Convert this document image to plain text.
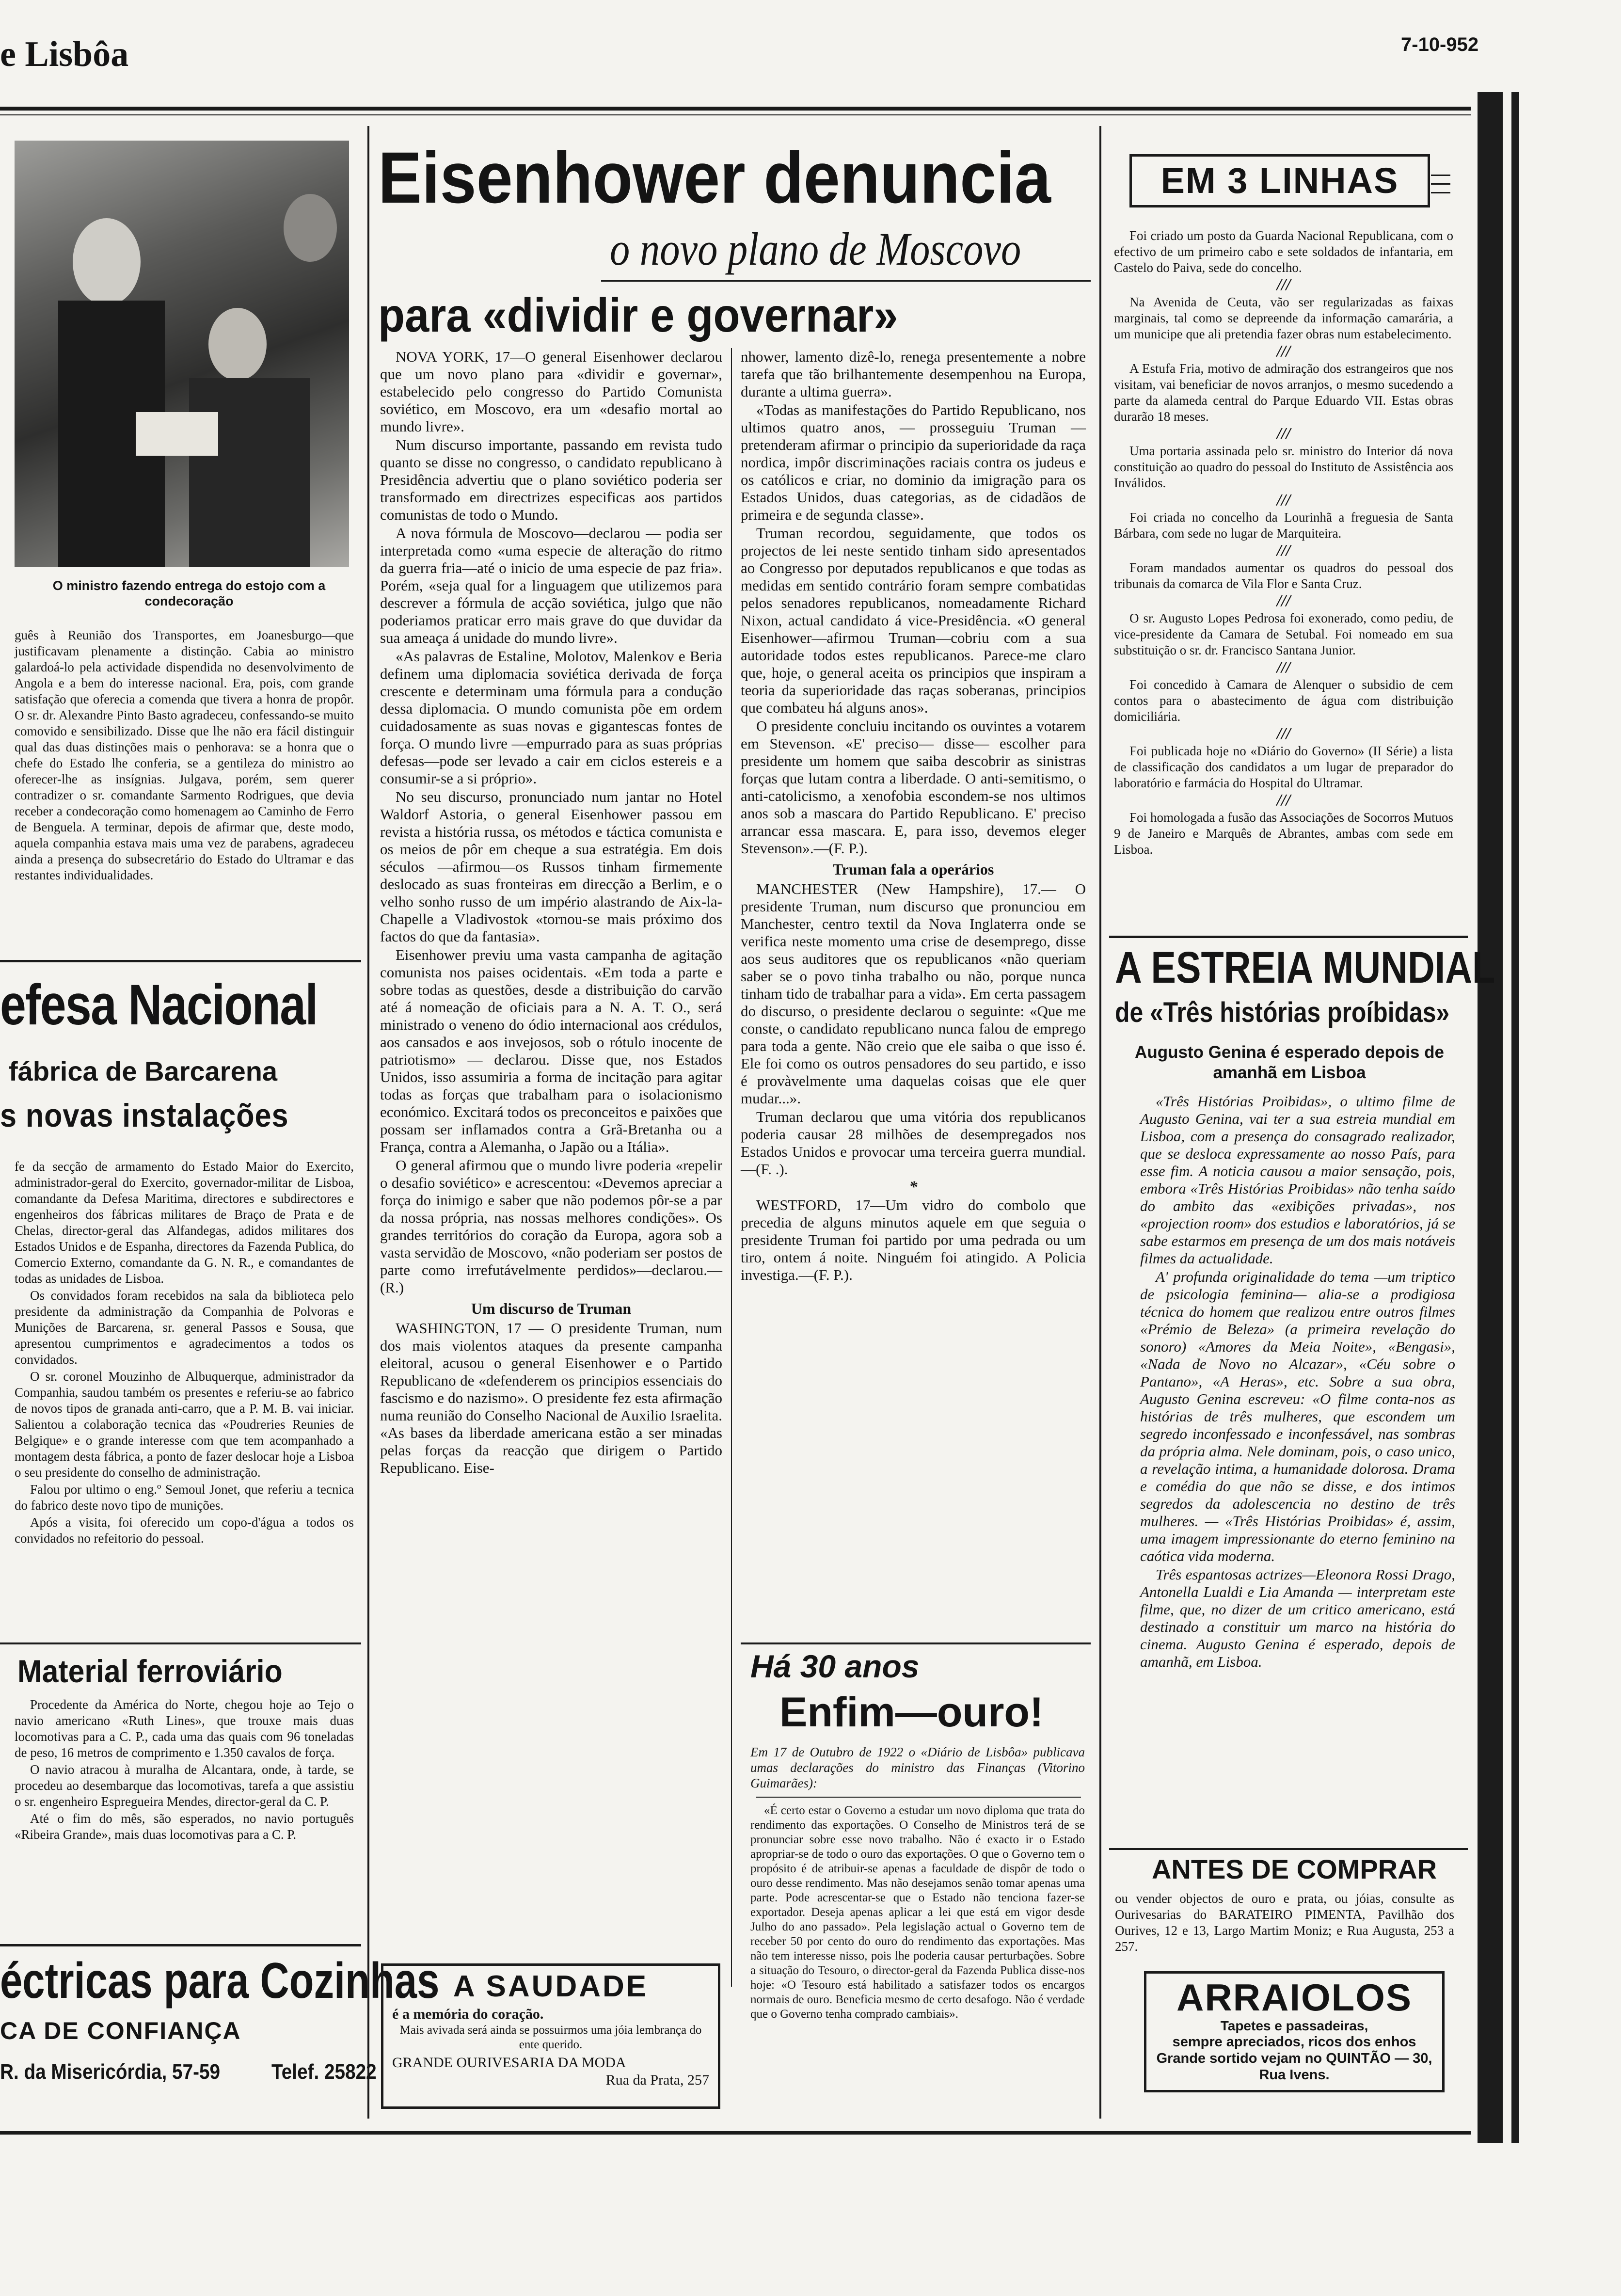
e Lisbôa	7-10-952
O ministro fazendo entrega do estojo com a condecoração

guês à Reunião dos Transportes, em Joanesburgo—que justificavam plenamente a distinção. Cabia ao ministro galardoá-lo pela actividade dispendida no desenvolvimento de Angola e a bem do interesse nacional. Era, pois, com grande satisfação que oferecia a comenda que tivera a honra de propôr. O sr. dr. Alexandre Pinto Basto agradeceu, confessando-se muito comovido e sensibilizado. Disse que lhe não era fácil distinguir qual das duas distinções mais o penhorava: se a honra que o chefe do Estado lhe conferia, se a gentileza do ministro ao oferecer-lhe as insígnias. Julgava, porém, sem querer contradizer o sr. comandante Sarmento Rodrigues, que devia receber a condecoração como homenagem ao Caminho de Ferro de Benguela. A terminar, depois de afirmar que, deste modo, aquela companhia estava mais uma vez de parabens, agradeceu ainda a presença do subsecretário do Estado do Ultramar e das restantes individualidades.

efesa Nacional
fábrica de Barcarena
s novas instalações

fe da secção de armamento do Estado Maior do Exercito, administrador-geral do Exercito, governador-militar de Lisboa, comandante da Defesa Maritima, directores e subdirectores e engenheiros dos fábricas militares de Braço de Prata e de Chelas, director-geral das Alfandegas, adidos militares dos Estados Unidos e de Espanha, directores da Fazenda Publica, do Comercio Externo, comandante da G. N. R., e comandantes de todas as unidades de Lisboa.

Os convidados foram recebidos na sala da biblioteca pelo presidente da administração da Companhia de Polvoras e Munições de Barcarena, sr. general Passos e Sousa, que apresentou cumprimentos e agradecimentos a todos os convidados.

O sr. coronel Mouzinho de Albuquerque, administrador da Companhia, saudou também os presentes e referiu-se ao fabrico de novos tipos de granada anti-carro, que a P. M. B. vai iniciar. Salientou a colaboração tecnica das «Poudreries Reunies de Belgique» e o grande interesse com que tem acompanhado a montagem desta fábrica, a ponto de fazer deslocar hoje a Lisboa o seu presidente do conselho de administração.

Falou por ultimo o eng.º Semoul Jonet, que referiu a tecnica do fabrico deste novo tipo de munições.

Após a visita, foi oferecido um copo-d'água a todos os convidados no refeitorio do pessoal.

Material ferroviário

Procedente da América do Norte, chegou hoje ao Tejo o navio americano «Ruth Lines», que trouxe mais duas locomotivas para a C. P., cada uma das quais com 96 toneladas de peso, 16 metros de comprimento e 1.350 cavalos de força.

O navio atracou à muralha de Alcantara, onde, à tarde, se procedeu ao desembarque das locomotivas, tarefa a que assistiu o sr. engenheiro Espregueira Mendes, director-geral da C. P.

Até o fim do mês, são esperados, no navio português «Ribeira Grande», mais duas locomotivas para a C. P.

éctricas para Cozinhas
CA DE CONFIANÇA
R. da Misericórdia, 57-59 Telef. 25822
Eisenhower denuncia
o novo plano de Moscovo
para «dividir e governar»

NOVA YORK, 17—O general Eisenhower declarou que um novo plano para «dividir e governar», estabelecido pelo congresso do Partido Comunista soviético, em Moscovo, era um «desafio mortal ao mundo livre».

Num discurso importante, passando em revista tudo quanto se disse no congresso, o candidato republicano à Presidência advertiu que o plano soviético poderia ser transformado em directrizes especificas aos partidos comunistas de todo o Mundo.

A nova fórmula de Moscovo—declarou — podia ser interpretada como «uma especie de alteração do ritmo da guerra fria—até o inicio de uma especie de paz fria». Porém, «seja qual for a linguagem que utilizemos para descrever a fórmula de acção soviética, julgo que não poderiamos praticar erro mais grave do que duvidar da sua ameaça á unidade do mundo livre».

«As palavras de Estaline, Molotov, Malenkov e Beria definem uma diplomacia soviética derivada de força crescente e determinam uma fórmula para a condução dessa diplomacia. O mundo comunista põe em ordem cuidadosamente as suas novas e gigantescas fontes de força. O mundo livre —empurrado para as suas próprias defesas—pode ser levado a cair em ciclos estereis e a consumir-se a si próprio».

No seu discurso, pronunciado num jantar no Hotel Waldorf Astoria, o general Eisenhower passou em revista a história russa, os métodos e táctica comunista e os meios de pôr em cheque a sua estratégia. Em dois séculos —afirmou—os Russos tinham firmemente deslocado as suas fronteiras em direcção a Berlim, e o velho sonho russo de um império alastrando de Aix-la-Chapelle a Vladivostok «tornou-se mais próximo dos factos do que da fantasia».

Eisenhower previu uma vasta campanha de agitação comunista nos paises ocidentais. «Em toda a parte e sobre todas as questões, desde a distribuição do carvão até á nomeação de oficiais para a N. A. T. O., será ministrado o veneno do ódio internacional aos crédulos, aos cansados e aos invejosos, sob o rótulo inocente de patriotismo» — declarou. Disse que, nos Estados Unidos, isso assumiria a forma de incitação para agitar todas as forças que trabalham para o isolacionismo económico. Excitará todos os preconceitos e paixões que possam ser inflamados contra a Grã-Bretanha ou a França, contra a Alemanha, o Japão ou a Itália».

O general afirmou que o mundo livre poderia «repelir o desafio soviético» e acrescentou: «Devemos apreciar a força do inimigo e saber que não podemos pôr-se a par da nossa própria, nas nossas melhores condições». Os grandes territórios do coração da Europa, agora sob a vasta servidão de Moscovo, «não poderiam ser postos de parte como irrefutávelmente perdidos»—declarou.—(R.)

Um discurso de Truman

WASHINGTON, 17 — O presidente Truman, num dos mais violentos ataques da presente campanha eleitoral, acusou o general Eisenhower e o Partido Republicano de «defenderem os principios essenciais do fascismo e do nazismo». O presidente fez esta afirmação numa reunião do Conselho Nacional de Auxilio Israelita. «As bases da liberdade americana estão a ser minadas pelas forças da reacção que dirigem o Partido Republicano. Eise-

nhower, lamento dizê-lo, renega presentemente a nobre tarefa que tão brilhantemente desempenhou na Europa, durante a ultima guerra».

«Todas as manifestações do Partido Republicano, nos ultimos quatro anos, — prosseguiu Truman — pretenderam afirmar o principio da superioridade da raça nordica, impôr discriminações raciais contra os judeus e os católicos e criar, no dominio da imigração para os Estados Unidos, duas categorias, as de cidadãos de primeira e de segunda classe».

Truman recordou, seguidamente, que todos os projectos de lei neste sentido tinham sido apresentados ao Congresso por deputados republicanos e que todas as medidas em sentido contrário foram sempre combatidas pelos senadores republicanos, nomeadamente Richard Nixon, actual candidato á vice-Presidência. «O general Eisenhower—afirmou Truman—cobriu com a sua autoridade todos estes republicanos. Parece-me claro que, hoje, o general aceita os principios que inspiram a teoria da superioridade das raças soberanas, principios que combateu há alguns anos».

O presidente concluiu incitando os ouvintes a votarem em Stevenson. «E' preciso— disse— escolher para presidente um homem que saiba descobrir as sinistras forças que lutam contra a liberdade. O anti-semitismo, o anti-catolicismo, a xenofobia escondem-se nos ultimos anos sob a mascara do Partido Republicano. E' preciso arrancar essa mascara. E, para isso, devemos eleger Stevenson».—(F. P.).

Truman fala a operários

MANCHESTER (New Hampshire), 17.— O presidente Truman, num discurso que pronunciou em Manchester, centro textil da Nova Inglaterra onde se verifica neste momento uma crise de desemprego, disse aos seus auditores que os republicanos «não queriam saber se o povo tinha trabalho ou não, porque nunca tinham tido de trabalhar para a vida». Em certa passagem do discurso, o presidente declarou o seguinte: «Que me conste, o candidato republicano nunca falou de emprego para toda a gente. Não creio que ele saiba o que isso é. Ele foi como os outros pensadores do seu partido, e isso é provàvelmente uma daquelas coisas que ele quer mudar...».

Truman declarou que uma vitória dos republicanos poderia causar 28 milhões de desempregados nos Estados Unidos e provocar uma terceira guerra mundial.—(F. .).

*

WESTFORD, 17—Um vidro do combolo que precedia de alguns minutos aquele em que seguia o presidente Truman foi partido por uma pedrada ou um tiro, ontem á noite. Ninguém foi atingido. A Policia investiga.—(F. P.).

A SAUDADE
é a memória do coração.
Mais avivada será ainda se possuirmos uma jóia lembrança do ente querido.
GRANDE OURIVESARIA DA MODA
Rua da Prata, 257
Há 30 anos
Enfim—ouro!
Em 17 de Outubro de 1922 o «Diário de Lisbôa» publicava umas declarações do ministro das Finanças (Vitorino Guimarães):
«É certo estar o Governo a estudar um novo diploma que trata do rendimento das exportações. O Conselho de Ministros terá de se pronunciar sobre esse novo trabalho. Não é exacto ir o Estado apropriar-se de todo o ouro das exportações. O que o Governo tem o propósito é de atribuir-se apenas a faculdade de dispôr de todo o ouro desse rendimento. Mas não desejamos senão tomar apenas uma parte. Pode acrescentar-se que o Estado não tenciona fazer-se exportador. Deseja apenas aplicar a lei que está em vigor desde Julho do ano passado». Pela legislação actual o Governo tem de receber 50 por cento do ouro do rendimento das exportações. Mas não tem interesse nisso, pois lhe poderia causar perturbações. Sobre a situação do Tesouro, o director-geral da Fazenda Publica disse-nos hoje: «O Tesouro está habilitado a satisfazer todos os encargos normais de ouro. Beneficia mesmo de certo desafogo. Não é verdade que o Governo tenha comprado cambiais».
EM 3 LINHAS

Foi criado um posto da Guarda Nacional Republicana, com o efectivo de um primeiro cabo e sete soldados de infantaria, em Castelo do Paiva, sede do concelho.

///

Na Avenida de Ceuta, vão ser regularizadas as faixas marginais, tal como se depreende da informação camarária, a um municipe que ali pretendia fazer obras num estabelecimento.

///

A Estufa Fria, motivo de admiração dos estrangeiros que nos visitam, vai beneficiar de novos arranjos, o mesmo sucedendo a parte da alameda central do Parque Eduardo VII. Estas obras durarão 18 meses.

///

Uma portaria assinada pelo sr. ministro do Interior dá nova constituição ao quadro do pessoal do Instituto de Assistência aos Inválidos.

///

Foi criada no concelho da Lourinhã a freguesia de Santa Bárbara, com sede no lugar de Marquiteira.

///

Foram mandados aumentar os quadros do pessoal dos tribunais da comarca de Vila Flor e Santa Cruz.

///

O sr. Augusto Lopes Pedrosa foi exonerado, como pediu, de vice-presidente da Camara de Setubal. Foi nomeado em sua substituição o sr. dr. Francisco Santana Junior.

///

Foi concedido à Camara de Alenquer o subsidio de cem contos para o abastecimento de água com distribuição domiciliária.

///

Foi publicada hoje no «Diário do Governo» (II Série) a lista de classificação dos candidatos a um lugar de preparador do laboratório e farmácia do Hospital do Ultramar.

///

Foi homologada a fusão das Associações de Socorros Mutuos 9 de Janeiro e Marquês de Abrantes, ambas com sede em Lisboa.

A ESTREIA MUNDIAL
de «Três histórias proíbidas»
Augusto Genina é esperado depois de amanhã em Lisboa

«Três Histórias Proibidas», o ultimo filme de Augusto Genina, vai ter a sua estreia mundial em Lisboa, com a presença do consagrado realizador, que se desloca expressamente ao nosso País, para esse fim. A noticia causou a maior sensação, pois, embora «Três Histórias Proibidas» não tenha saído do ambito das «exibições privadas», nos «projection room» dos estudios e laboratórios, já se sabe estarmos em presença de um dos mais notáveis filmes da actualidade.

A' profunda originalidade do tema —um triptico de psicologia feminina— alia-se a prodigiosa técnica do homem que realizou entre outros filmes «Prémio de Beleza» (a primeira revelação do sonoro) «Amores da Meia Noite», «Bengasi», «Nada de Novo no Alcazar», «Céu sobre o Pantano», «A Heras», etc. Sobre a sua obra, Augusto Genina escreveu: «O filme conta-nos as histórias de três mulheres, que escondem um segredo inconfessado e inconfessável, nas sombras da própria alma. Nele dominam, pois, o caso unico, a revelação intima, a humanidade dolorosa. Drama e comédia do que não se disse, e dos intimos segredos da adolescencia no destino de três mulheres. — «Três Histórias Proibidas» é, assim, uma imagem impressionante do eterno feminino na caótica vida moderna.

Três espantosas actrizes—Eleonora Rossi Drago, Antonella Lualdi e Lia Amanda — interpretam este filme, que, no dizer de um critico americano, está destinado a constituir um marco na história do cinema. Augusto Genina é esperado, depois de amanhã, em Lisboa.

ANTES DE COMPRAR
ou vender objectos de ouro e prata, ou jóias, consulte as Ourivesarias do BARATEIRO PIMENTA, Pavilhão dos Ourives, 12 e 13, Largo Martim Moniz; e Rua Augusta, 253 a 257.
ARRAIOLOS
Tapetes e passadeiras,
sempre apreciados, ricos dos enhos Grande sortido vejam no QUINTÃO — 30, Rua Ivens.
